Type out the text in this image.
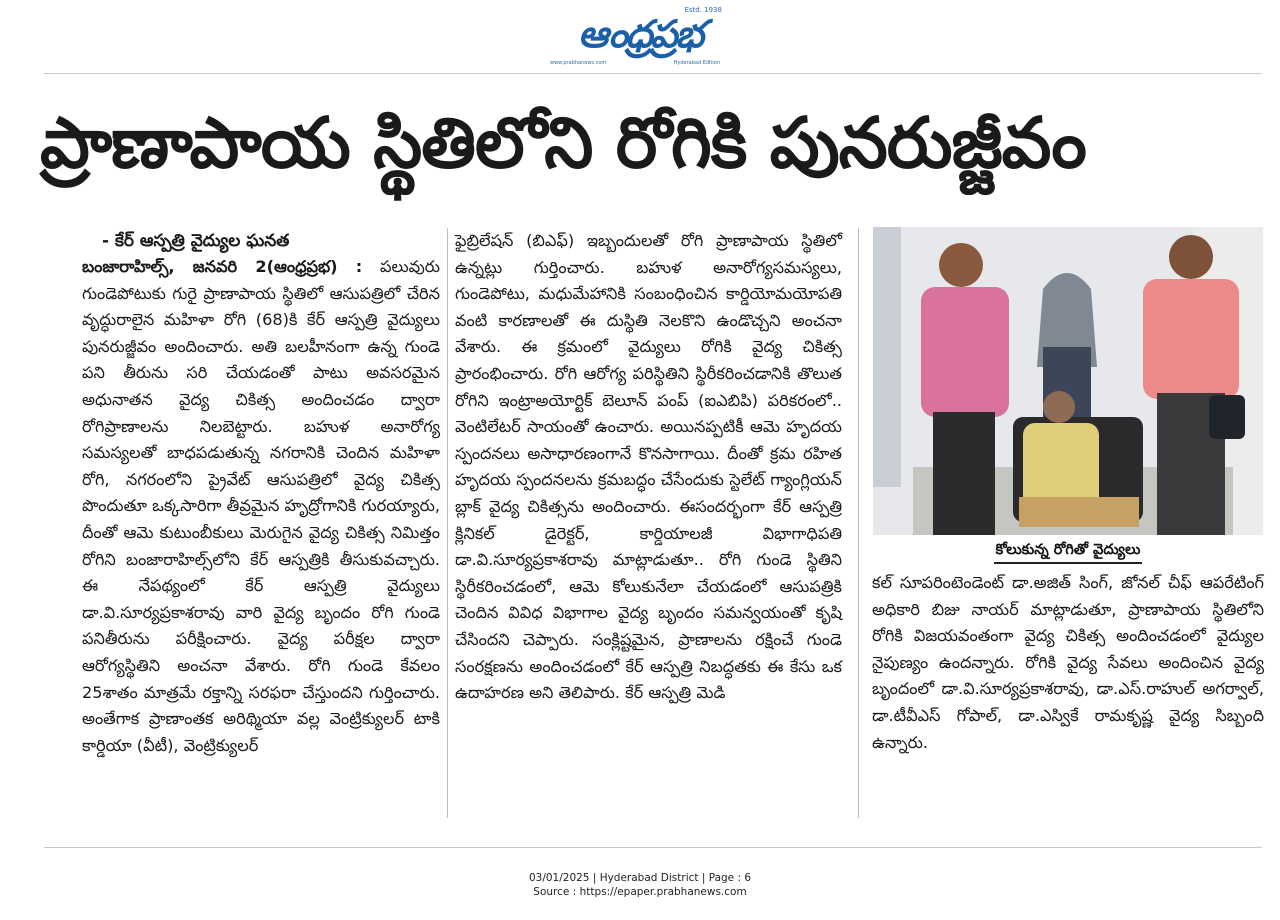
ఆంధ్రప్రభ
Estd. 1938
www.prabhanews.com	Hyderabad Edition
ప్రాణాపాయ స్థితిలోని రోగికి పునరుజ్జీవం

- కేర్ ఆస్పత్రి వైద్యుల ఘనత

బంజారాహిల్స్, జనవరి 2(ఆంధ్రప్రభ) : పలువురు గుండెపోటుకు గురై ప్రాణాపాయ స్థితిలో ఆసుపత్రిలో చేరిన వృద్ధురాలైన మహిళా రోగి (68)కి కేర్ ఆస్పత్రి వైద్యులు పునరుజ్జీవం అందించారు. అతి బలహీనంగా ఉన్న గుండె పని తీరును సరి చేయడంతో పాటు అవసరమైన అధునాతన వైద్య చికిత్స అందించడం ద్వారా రోగిప్రాణాలను నిలబెట్టారు. బహుళ అనారోగ్య సమస్యలతో బాధపడుతున్న నగరానికి చెందిన మహిళా రోగి, నగరంలోని ప్రైవేట్ ఆసుపత్రిలో వైద్య చికిత్స పొందుతూ ఒక్కసారిగా తీవ్రమైన హృద్రోగానికి గురయ్యారు, దీంతో ఆమె కుటుంబీకులు మెరుగైన వైద్య చికిత్స నిమిత్తం రోగిని బంజారాహిల్స్‌లోని కేర్ ఆస్పత్రికి తీసుకువచ్చారు. ఈ నేపథ్యంలో కేర్ ఆస్పత్రి వైద్యులు డా.వి.సూర్యప్రకాశరావు వారి వైద్య బృందం రోగి గుండె పనితీరును పరీక్షించారు. వైద్య పరీక్షల ద్వారా ఆరోగ్యస్థితిని అంచనా వేశారు. రోగి గుండె కేవలం 25శాతం మాత్రమే రక్తాన్ని సరఫరా చేస్తుందని గుర్తించారు. అంతేగాక ప్రాణాంతక అరిథ్మియా వల్ల వెంట్రిక్యులర్ టాకి కార్డియా (వీటీ), వెంట్రిక్యులర్

ఫైబ్రిలేషన్ (బిఎఫ్) ఇబ్బందులతో రోగి ప్రాణాపాయ స్థితిలో ఉన్నట్లు గుర్తించారు. బహుళ అనారోగ్యసమస్యలు, గుండెపోటు, మధుమేహానికి సంబంధించిన కార్డియోమయోపతి వంటి కారణాలతో ఈ దుస్థితి నెలకొని ఉండొచ్చని అంచనా వేశారు. ఈ క్రమంలో వైద్యులు రోగికి వైద్య చికిత్స ప్రారంభించారు. రోగి ఆరోగ్య పరిస్థితిని స్థిరీకరించడానికి తొలుత రోగిని ఇంట్రాఅయోర్టిక్ బెలూన్ పంప్ (ఐఎబిపి) పరికరంలో.. వెంటిలేటర్ సాయంతో ఉంచారు. అయినప్పటికీ ఆమె హృదయ స్పందనలు అసాధారణంగానే కొనసాగాయి. దీంతో క్రమ రహిత హృదయ స్పందనలను క్రమబద్ధం చేసేందుకు స్టెలేట్ గ్యాంగ్లియన్ బ్లాక్ వైద్య చికిత్సను అందించారు. ఈసందర్భంగా కేర్ ఆస్పత్రి క్లినికల్ డైరెక్టర్, కార్డియాలజీ విభాగాధిపతి డా.వి.సూర్యప్రకాశరావు మాట్లాడుతూ.. రోగి గుండె స్థితిని స్థిరీకరించడంలో, ఆమె కోలుకునేలా చేయడంలో ఆసుపత్రికి చెందిన వివిధ విభాగాల వైద్య బృందం సమన్వయంతో కృషి చేసిందని చెప్పారు. సంక్లిష్టమైన, ప్రాణాలను రక్షించే గుండె సంరక్షణను అందించడంలో కేర్ ఆస్పత్రి నిబద్ధతకు ఈ కేసు ఒక ఉదాహరణ అని తెలిపారు. కేర్ ఆస్పత్రి మెడి

కోలుకున్న రోగితో వైద్యులు

కల్ సూపరింటెండెంట్ డా.అజిత్ సింగ్, జోనల్ చీఫ్ ఆపరేటింగ్ అధికారి బిజు నాయర్ మాట్లాడుతూ, ప్రాణాపాయ స్థితిలోని రోగికి విజయవంతంగా వైద్య చికిత్స అందించడంలో వైద్యుల నైపుణ్యం ఉందన్నారు. రోగికి వైద్య సేవలు అందించిన వైద్య బృందంలో డా.వి.సూర్యప్రకాశరావు, డా.ఎస్.రాహుల్ అగర్వాల్, డా.టీవీఎస్ గోపాల్, డా.ఎస్వికే రామకృష్ణ వైద్య సిబ్బంది ఉన్నారు.

03/01/2025 | Hyderabad District | Page : 6
Source : https://epaper.prabhanews.com
